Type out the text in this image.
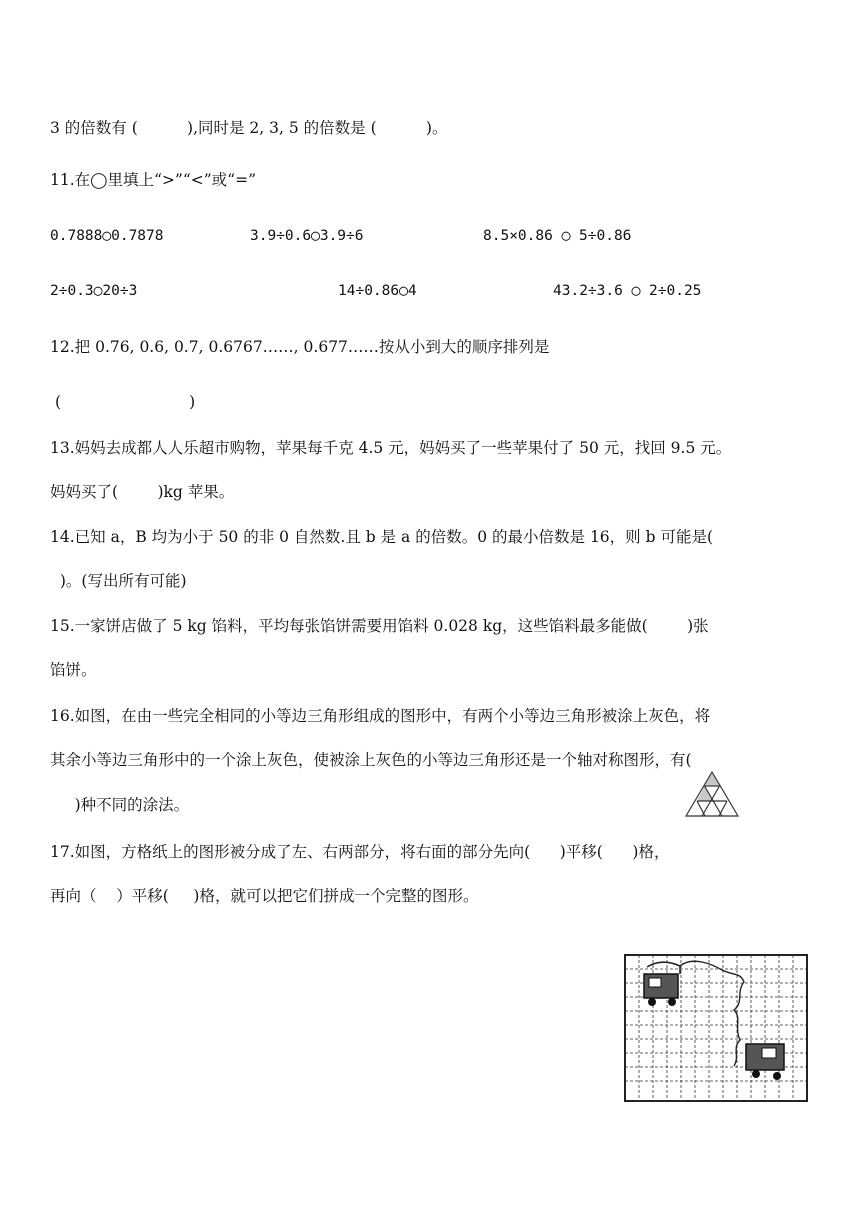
3 的倍数有 (          ),同时是 2, 3, 5 的倍数是 (          )。
11.在◯里填上“>”“<”或“=”
0.7888◯0.7878	3.9÷0.6◯3.9÷6	8.5×0.86 ◯ 5÷0.86
2÷0.3◯20÷3	14÷0.86◯4	43.2÷3.6 ◯ 2÷0.25
12.把 0.76, 0.6, 0.7, 0.6767……, 0.677……按从小到大的顺序排列是
(                          )
13.妈妈去成都人人乐超市购物，苹果每千克 4.5 元，妈妈买了一些苹果付了 50 元，找回 9.5 元。
妈妈买了(        )kg 苹果。
14.已知 a，B 均为小于 50 的非 0 自然数.且 b 是 a 的倍数。0 的最小倍数是 16，则 b 可能是(
)。(写出所有可能)
15.一家饼店做了 5 kg 馅料，平均每张馅饼需要用馅料 0.028 kg，这些馅料最多能做(        )张
馅饼。
16.如图，在由一些完全相同的小等边三角形组成的图形中，有两个小等边三角形被涂上灰色，将
其余小等边三角形中的一个涂上灰色，使被涂上灰色的小等边三角形还是一个轴对称图形，有(
)种不同的涂法。
17.如图，方格纸上的图形被分成了左、右两部分，将右面的部分先向(      )平移(      )格，
再向（    ）平移(     )格，就可以把它们拼成一个完整的图形。
